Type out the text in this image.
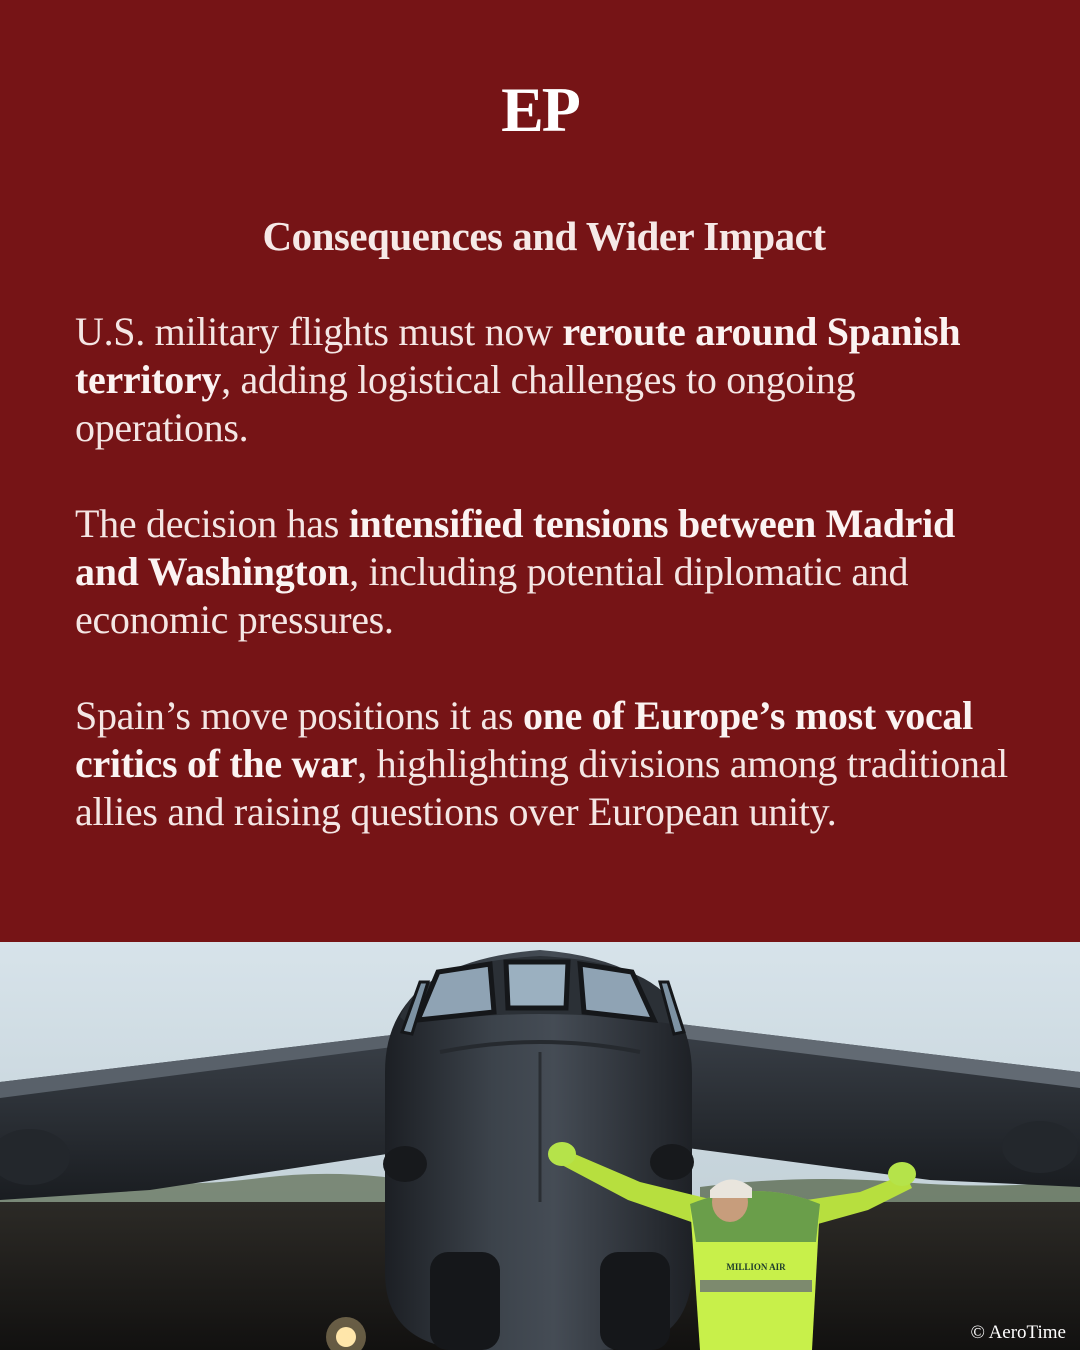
EP
Consequences and Wider Impact
U.S. military flights must now reroute around Spanish territory, adding logistical challenges to ongoing operations.
The decision has intensified tensions between Madrid and Washington, including potential diplomatic and economic pressures.
Spain’s move positions it as one of Europe’s most vocal critics of the war, highlighting divisions among traditional allies and raising questions over European unity.
MILLION AIR
© AeroTime
